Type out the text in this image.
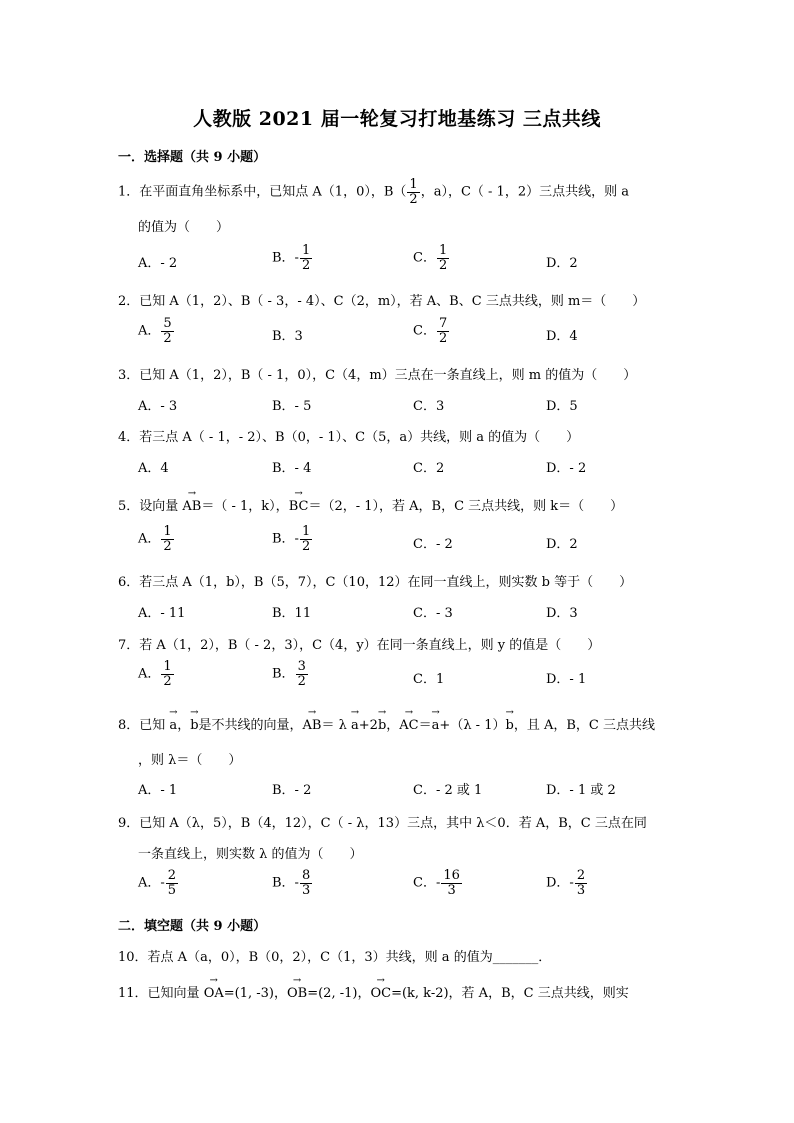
人教版 2021 届一轮复习打地基练习 三点共线
一．选择题（共 9 小题）
1．在平面直角坐标系中，已知点 A（1，0），$B( \frac{1}{2}$ ，a），C（ - 1，2）三点共线，则 a
的值为（　　）
A．- 2	B．- $\frac{1}{2}$	C． $\frac{1}{2}$	D．2
2．已知 A（1，2）、B（ - 3，- 4）、C（2，m），若 A、B、C 三点共线，则 m＝（　　）
A． $\frac{5}{2}$	B．3	C． $\frac{7}{2}$	D．4
3．已知 A（1，2），B（ - 1，0），C（4，m）三点在一条直线上，则 m 的值为（　　）
A．- 3	B．- 5	C．3	D．5
4．若三点 A（ - 1，- 2）、B（0，- 1）、C（5，a）共线，则 a 的值为（　　）
A．4	B．- 4	C．2	D．- 2
5．设向量 → AB＝（ - 1，k），→ BC＝（2，- 1），若 A，B，C 三点共线，则 k＝（　　）
A． $\frac{1}{2}$	B．- $\frac{1}{2}$	C．- 2	D．2
6．若三点 A（1，b），B（5，7），C（10，12）在同一直线上，则实数 b 等于（　　）
A．- 11	B．11	C．- 3	D．3
7．若 A（1，2），B（ - 2，3），C（4，y）在同一条直线上，则 y 的值是（　　）
A． $\frac{1}{2}$	B． $\frac{3}{2}$	C．1	D．- 1
8．已知 → a，→ b是不共线的向量，→ AB＝ λ → a+2→ b，→ AC＝→ a+（λ - 1）→ b，且 A，B，C 三点共线
，则 λ＝（　　）
A．- 1	B．- 2	C．- 2 或 1	D．- 1 或 2
9．已知 A（λ，5），B（4，12），C（ - λ，13）三点，其中 λ＜0．若 A，B，C 三点在同
一条直线上，则实数 λ 的值为（　　）
A．- $\frac{2}{5}$	B．- $\frac{8}{3}$	C．- $\frac{16}{3}$	D．- $\frac{2}{3}$
二．填空题（共 9 小题）
10．若点 A（a，0），B（0，2），C（1，3）共线，则 a 的值为_______．
11．已知向量 → OA=(1, -3)，→ OB=(2, -1)，→ OC=(k, k-2)，若 A，B，C 三点共线，则实
